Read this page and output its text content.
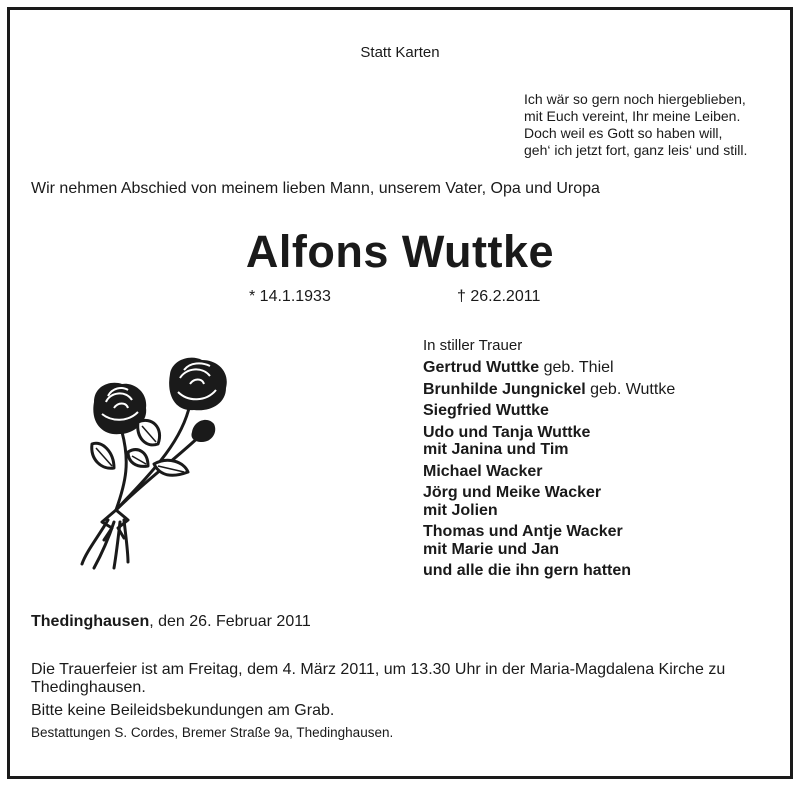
Statt Karten
Ich wär so gern noch hiergeblieben,
mit Euch vereint, Ihr meine Leiben.
Doch weil es Gott so haben will,
geh‘ ich jetzt fort, ganz leis‘ und still.
Wir nehmen Abschied von meinem lieben Mann, unserem Vater, Opa und Uropa
Alfons Wuttke
* 14.1.1933	† 26.2.2011
In stiller Trauer
Gertrud Wuttke geb. Thiel
Brunhilde Jungnickel geb. Wuttke
Siegfried Wuttke
Udo und Tanja Wuttke
mit Janina und Tim
Michael Wacker
Jörg und Meike Wacker
mit Jolien
Thomas und Antje Wacker
mit Marie und Jan
und alle die ihn gern hatten
Thedinghausen, den 26. Februar 2011
Die Trauerfeier ist am Freitag, dem 4. März 2011, um 13.30 Uhr in der Maria-Magdalena Kirche zu Thedinghausen.
Bitte keine Beileidsbekundungen am Grab.
Bestattungen S. Cordes, Bremer Straße 9a, Thedinghausen.
